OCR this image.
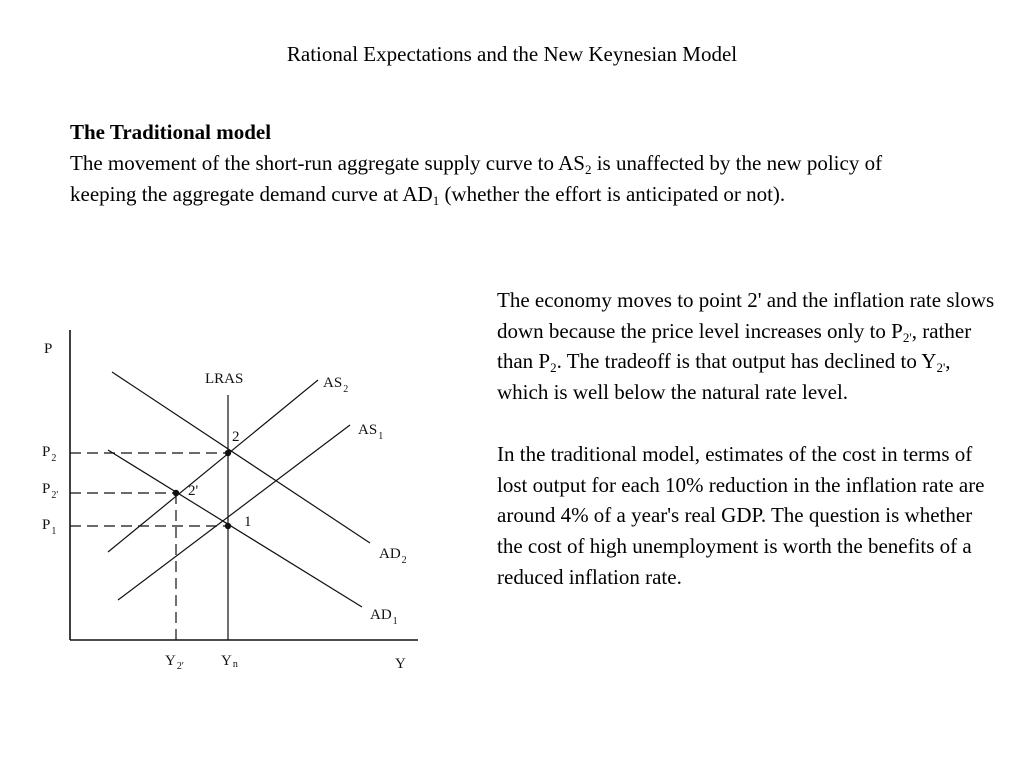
Rational Expectations and the New Keynesian Model
The Traditional model
The movement of the short-run aggregate supply curve to $AS_2$ is unaffected by the new policy of keeping the aggregate demand curve at $AD_1$ (whether the effort is anticipated or not).

The economy moves to point 2' and the inflation rate slows down because the price level increases only to $P_{2'}$, rather than $P_2$. The tradeoff is that output has declined to $Y_{2'}$, which is well below the natural rate level.

In the traditional model, estimates of the cost in terms of lost output for each 10% reduction in the inflation rate are around 4% of a year's real GDP. The question is whether the cost of high unemployment is worth the benefits of a reduced inflation rate.

P
Y
LRAS	$AS_2$
$AS_1$
$AD_2$
$AD_1$
$P_2$
$P_{2'}$
$P_1$
$Y_{2'}$ Yn
2
2'
1
